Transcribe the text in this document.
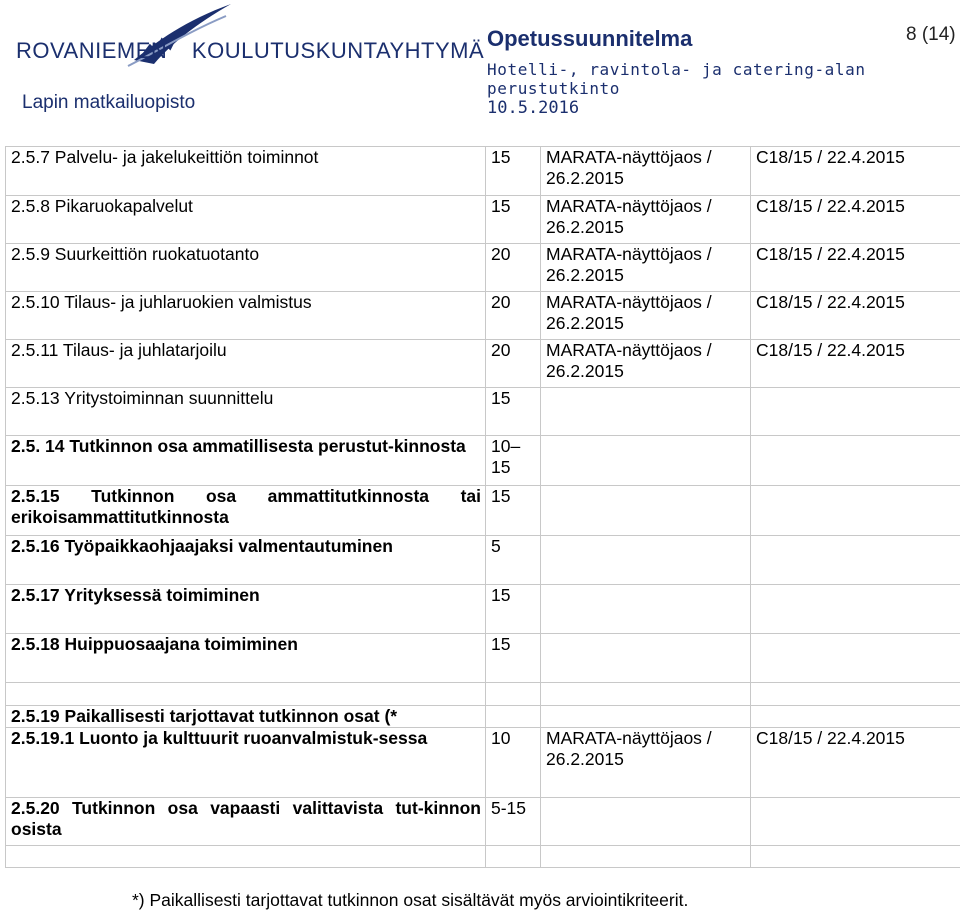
ROVANIEMEN KOULUTUSKUNTAYHTYMÄ
Lapin matkailuopisto
Opetussuunnitelma	8 (14)
Hotelli-, ravintola- ja catering-alan perustutkinto
10.5.2016
2.5.7 Palvelu- ja jakelukeittiön toiminnot	15	MARATA-näyttöjaos / 26.2.2015	C18/15 / 22.4.2015
2.5.8 Pikaruokapalvelut	15	MARATA-näyttöjaos / 26.2.2015	C18/15 / 22.4.2015
2.5.9 Suurkeittiön ruokatuotanto	20	MARATA-näyttöjaos / 26.2.2015	C18/15 / 22.4.2015
2.5.10 Tilaus- ja juhlaruokien valmistus	20	MARATA-näyttöjaos / 26.2.2015	C18/15 / 22.4.2015
2.5.11 Tilaus- ja juhlatarjoilu	20	MARATA-näyttöjaos / 26.2.2015	C18/15 / 22.4.2015
2.5.13 Yritystoiminnan suunnittelu	15		
2.5. 14 Tutkinnon osa ammatillisesta perustut-kinnosta	10–15		
2.5.15 Tutkinnon osa ammattitutkinnosta tai erikoisammattitutkinnosta	15		
2.5.16 Työpaikkaohjaajaksi valmentautuminen	5		
2.5.17 Yrityksessä toimiminen	15		
2.5.18 Huippuosaajana toimiminen	15		

2.5.19 Paikallisesti tarjottavat tutkinnon osat (*			
2.5.19.1 Luonto ja kulttuurit ruoanvalmistuk-sessa	10	MARATA-näyttöjaos / 26.2.2015	C18/15 / 22.4.2015
2.5.20 Tutkinnon osa vapaasti valittavista tut-kinnon osista	5-15		

*) Paikallisesti tarjottavat tutkinnon osat sisältävät myös arviointikriteerit.
